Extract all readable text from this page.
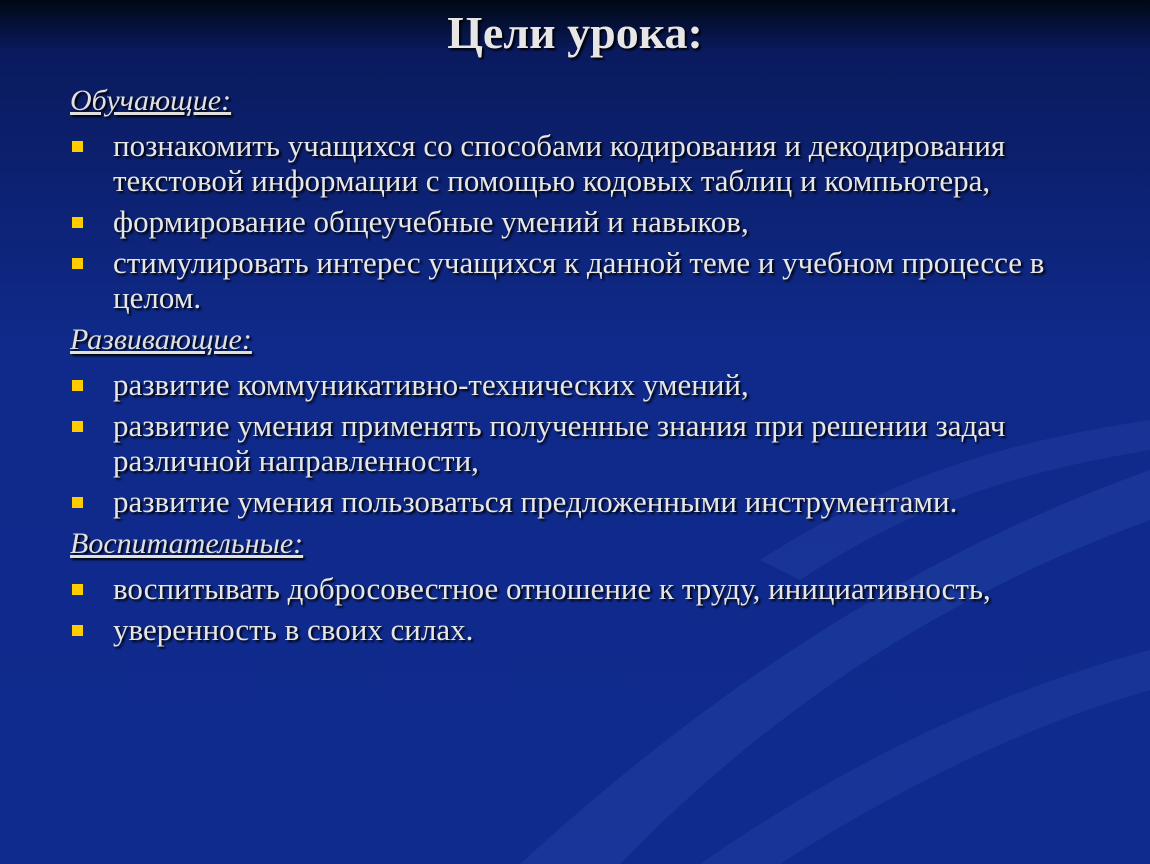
Цели урока:
Обучающие:
познакомить учащихся со способами кодирования и декодирования текстовой информации с помощью кодовых таблиц и компьютера,
формирование общеучебные умений и навыков,
стимулировать интерес учащихся к данной теме и учебном процессе в целом.
Развивающие:
развитие коммуникативно-технических умений,
развитие умения применять полученные знания при решении задач различной направленности,
развитие умения пользоваться предложенными инструментами.
Воспитательные:
воспитывать добросовестное отношение к труду, инициативность,
уверенность в своих силах.
